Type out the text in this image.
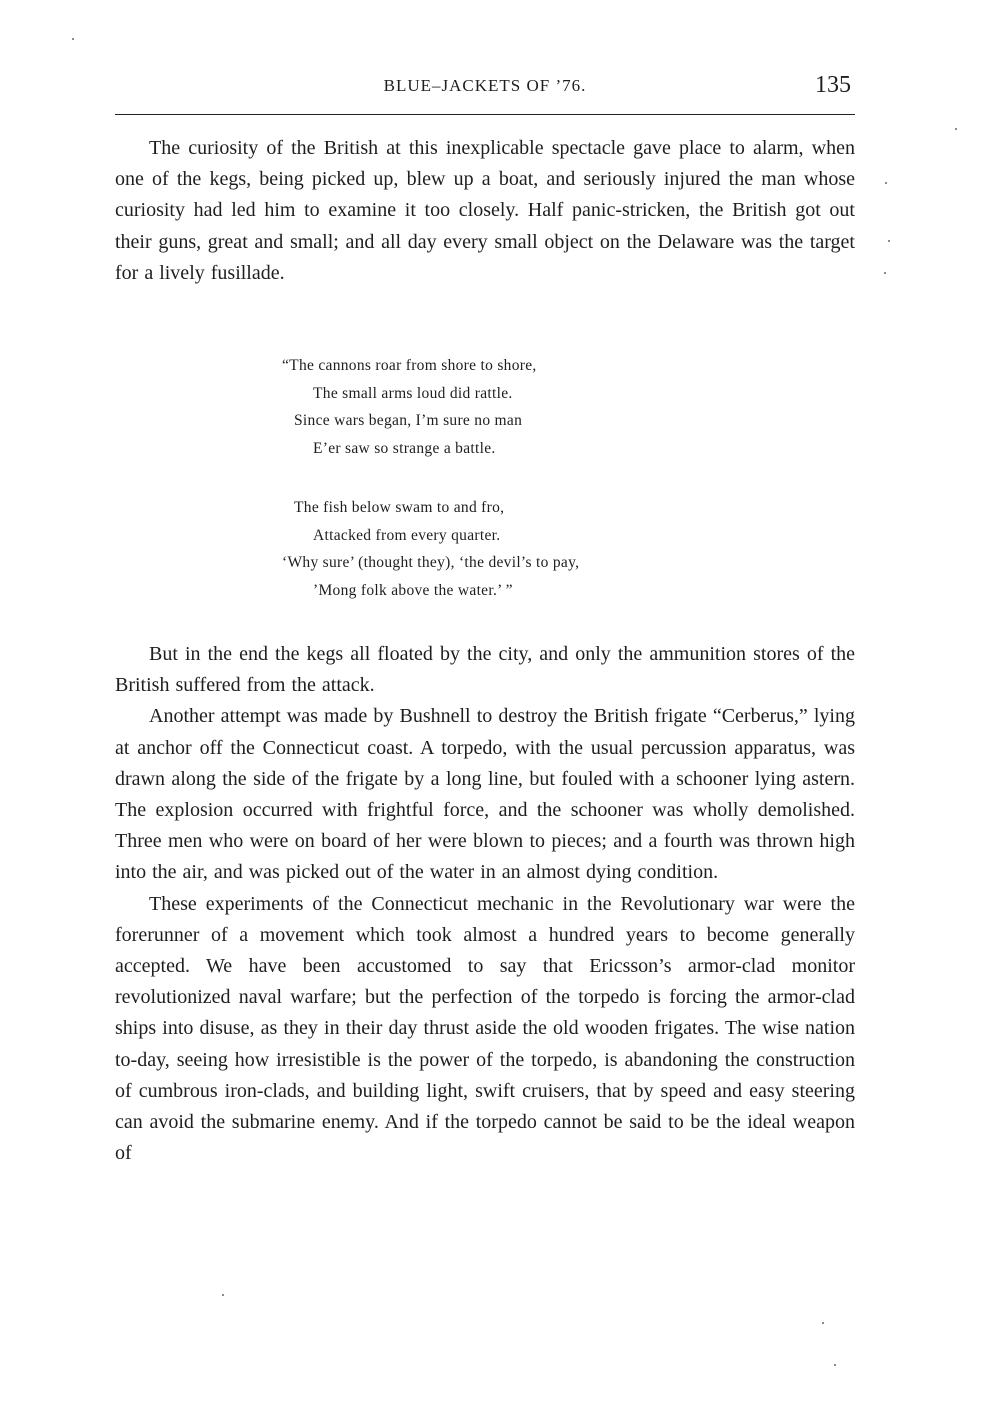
BLUE–JACKETS OF ’76.	135

The curiosity of the British at this inexplicable spectacle gave place to alarm, when one of the kegs, being picked up, blew up a boat, and seriously injured the man whose curiosity had led him to examine it too closely. Half panic-stricken, the British got out their guns, great and small; and all day every small object on the Delaware was the target for a lively fusillade.

“The cannons roar from shore to shore,
The small arms loud did rattle.
Since wars began, I’m sure no man
E’er saw so strange a battle.
The fish below swam to and fro,
Attacked from every quarter.
‘Why sure’ (thought they), ‘the devil’s to pay,
’Mong folk above the water.’ ”

But in the end the kegs all floated by the city, and only the ammunition stores of the British suffered from the attack.

Another attempt was made by Bushnell to destroy the British frigate “Cerberus,” lying at anchor off the Connecticut coast. A torpedo, with the usual percussion apparatus, was drawn along the side of the frigate by a long line, but fouled with a schooner lying astern. The explosion occurred with frightful force, and the schooner was wholly demolished. Three men who were on board of her were blown to pieces; and a fourth was thrown high into the air, and was picked out of the water in an almost dying condition.

These experiments of the Connecticut mechanic in the Revolutionary war were the forerunner of a movement which took almost a hundred years to become generally accepted. We have been accustomed to say that Ericsson’s armor-clad monitor revolutionized naval warfare; but the perfection of the torpedo is forcing the armor-clad ships into disuse, as they in their day thrust aside the old wooden frigates. The wise nation to-day, seeing how irresistible is the power of the torpedo, is abandoning the construction of cumbrous iron-clads, and building light, swift cruisers, that by speed and easy steering can avoid the submarine enemy. And if the torpedo cannot be said to be the ideal weapon of
